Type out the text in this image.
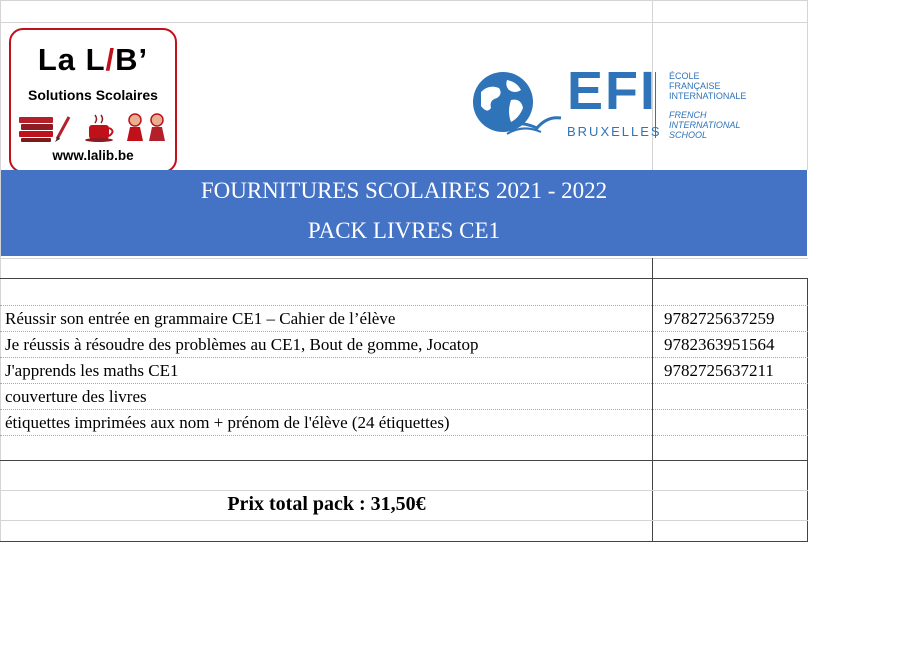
La L/B’
Solutions Scolaires
www.lalib.be
EFI
BRUXELLES
ÉCOLE
FRANÇAISE
INTERNATIONALE
FRENCH
INTERNATIONAL
SCHOOL
FOURNITURES SCOLAIRES 2021 - 2022
PACK LIVRES CE1
Réussir son entrée en grammaire CE1 – Cahier de l’élève	9782725637259
Je réussis à résoudre des problèmes au CE1, Bout de gomme, Jocatop	9782363951564
J'apprends les maths CE1	9782725637211
couverture des livres
étiquettes imprimées aux nom + prénom de l'élève (24 étiquettes)
Prix total pack : 31,50€
